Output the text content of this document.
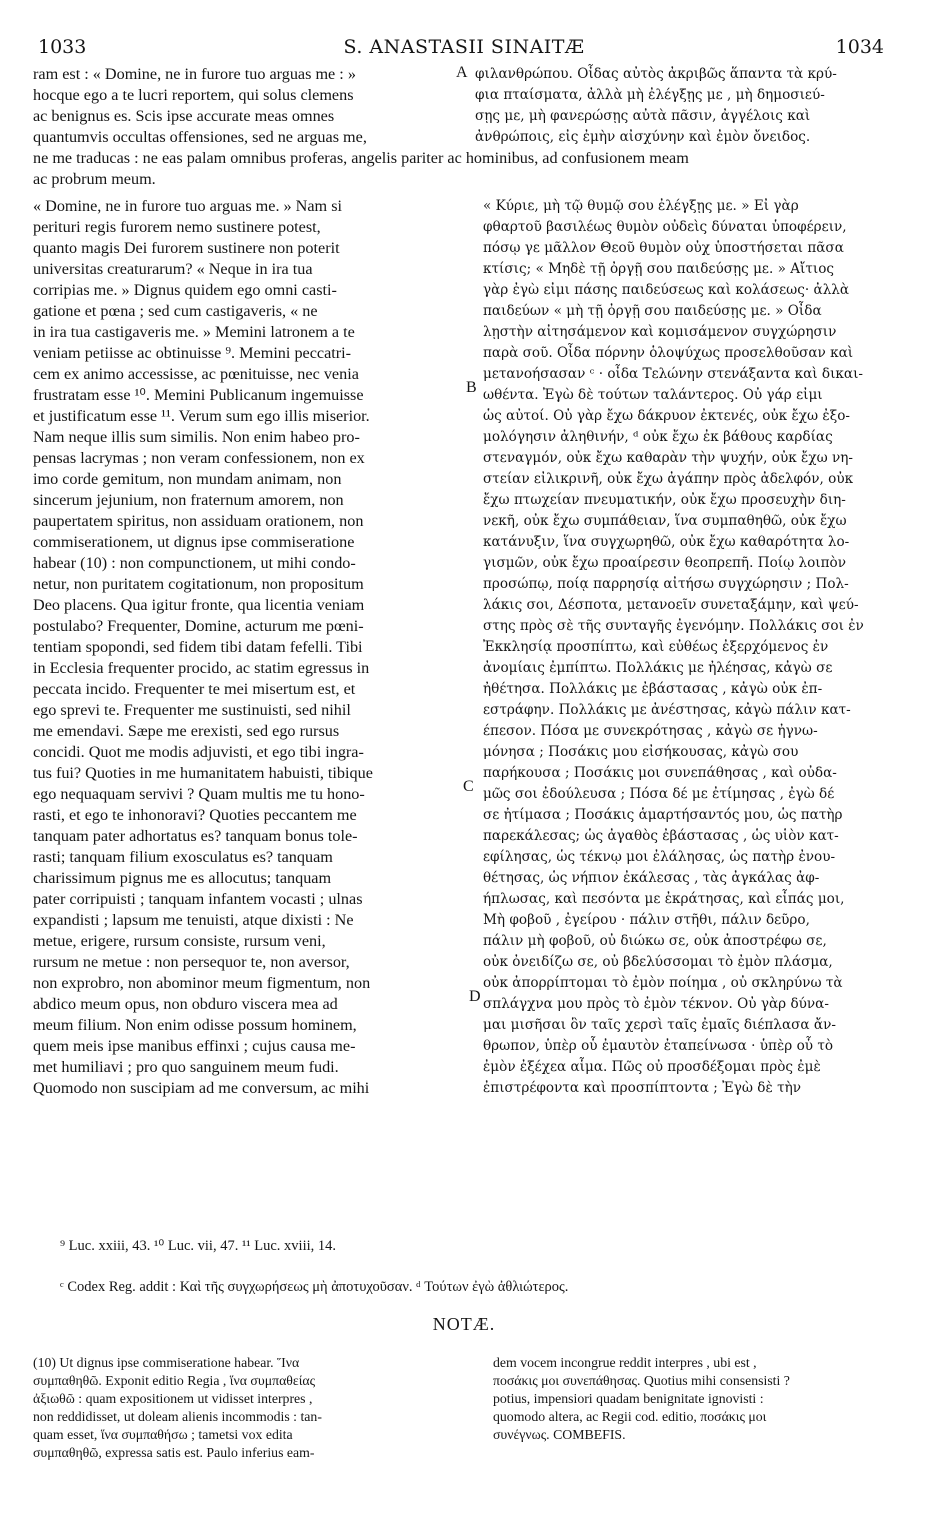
1033	S. ANASTASII SINAITÆ	1034
ram est : « Domine, ne in furore tuo arguas me : »
hocque ego a te lucri reportem, qui solus clemens
ac benignus es. Scis ipse accurate meas omnes
quantumvis occultas offensiones, sed ne arguas me,
φιλανθρώπου. Οἶδας αὐτὸς ἀκριβῶς ἅπαντα τὰ κρύ-
φια πταίσματα, ἀλλὰ μὴ ἐλέγξῃς με , μὴ δημοσιεύ-
σῃς με, μὴ φανερώσῃς αὐτὰ πᾶσιν, ἀγγέλοις καὶ
ἀνθρώποις, εἰς ἐμὴν αἰσχύνην καὶ ἐμὸν ὄνειδος.
ne me traducas : ne eas palam omnibus proferas, angelis pariter ac hominibus, ad confusionem meam
ac probrum meum.
« Domine, ne in furore tuo arguas me. » Nam si
perituri regis furorem nemo sustinere potest,
quanto magis Dei furorem sustinere non poterit
universitas creaturarum? « Neque in ira tua
corripias me. » Dignus quidem ego omni casti-
gatione et pœna ; sed cum castigaveris, « ne
in ira tua castigaveris me. » Memini latronem a te
veniam petiisse ac obtinuisse ⁹. Memini peccatri-
cem ex animo accessisse, ac pœnituisse, nec venia
frustratam esse ¹⁰. Memini Publicanum ingemuisse
et justificatum esse ¹¹. Verum sum ego illis miserior.
Nam neque illis sum similis. Non enim habeo pro-
pensas lacrymas ; non veram confessionem, non ex
imo corde gemitum, non mundam animam, non
sincerum jejunium, non fraternum amorem, non
paupertatem spiritus, non assiduam orationem, non
commiserationem, ut dignus ipse commiseratione
habear (10) : non compunctionem, ut mihi condo-
netur, non puritatem cogitationum, non propositum
Deo placens. Qua igitur fronte, qua licentia veniam
postulabo? Frequenter, Domine, acturum me pœni-
tentiam spopondi, sed fidem tibi datam fefelli. Tibi
in Ecclesia frequenter procido, ac statim egressus in
peccata incido. Frequenter te mei misertum est, et
ego sprevi te. Frequenter me sustinuisti, sed nihil
me emendavi. Sæpe me erexisti, sed ego rursus
concidi. Quot me modis adjuvisti, et ego tibi ingra-
tus fui? Quoties in me humanitatem habuisti, tibique
ego nequaquam servivi ? Quam multis me tu hono-
rasti, et ego te inhonoravi? Quoties peccantem me
tanquam pater adhortatus es? tanquam bonus tole-
rasti; tanquam filium exosculatus es? tanquam
charissimum pignus me es allocutus; tanquam
pater corripuisti ; tanquam infantem vocasti ; ulnas
expandisti ; lapsum me tenuisti, atque dixisti : Ne
metue, erigere, rursum consiste, rursum veni,
rursum ne metue : non persequor te, non aversor,
non exprobro, non abominor meum figmentum, non
abdico meum opus, non obduro viscera mea ad
meum filium. Non enim odisse possum hominem,
quem meis ipse manibus effinxi ; cujus causa me-
met humiliavi ; pro quo sanguinem meum fudi.
Quomodo non suscipiam ad me conversum, ac mihi
« Κύριε, μὴ τῷ θυμῷ σου ἐλέγξῃς με. » Εἰ γὰρ
φθαρτοῦ βασιλέως θυμὸν οὐδεὶς δύναται ὑποφέρειν,
πόσῳ γε μᾶλλον Θεοῦ θυμὸν οὐχ ὑποστήσεται πᾶσα
κτίσις; « Μηδὲ τῇ ὀργῇ σου παιδεύσῃς με. » Αἴτιος
γὰρ ἐγὼ εἰμι πάσης παιδεύσεως καὶ κολάσεως· ἀλλὰ
παιδεύων « μὴ τῇ ὀργῇ σου παιδεύσῃς με. » Οἶδα
λῃστὴν αἰτησάμενον καὶ κομισάμενον συγχώρησιν
παρὰ σοῦ. Οἶδα πόρνην ὁλοψύχως προσελθοῦσαν καὶ
μετανοήσασαν ᶜ · οἶδα Τελώνην στενάξαντα καὶ δικαι-
ωθέντα. Ἐγὼ δὲ τούτων ταλάντερος. Οὐ γάρ εἰμι
ὡς αὐτοί. Οὐ γὰρ ἔχω δάκρυον ἐκτενές, οὐκ ἔχω ἐξο-
μολόγησιν ἀληθινήν, ᵈ οὐκ ἔχω ἐκ βάθους καρδίας
στεναγμόν, οὐκ ἔχω καθαρὰν τὴν ψυχήν, οὐκ ἔχω νη-
στείαν εἰλικρινῆ, οὐκ ἔχω ἀγάπην πρὸς ἀδελφόν, οὐκ
ἔχω πτωχείαν πνευματικήν, οὐκ ἔχω προσευχὴν διη-
νεκῆ, οὐκ ἔχω συμπάθειαν, ἵνα συμπαθηθῶ, οὐκ ἔχω
κατάνυξιν, ἵνα συγχωρηθῶ, οὐκ ἔχω καθαρότητα λο-
γισμῶν, οὐκ ἔχω προαίρεσιν θεοπρεπῆ. Ποίῳ λοιπὸν
προσώπῳ, ποίᾳ παρρησίᾳ αἰτήσω συγχώρησιν ; Πολ-
λάκις σοι, Δέσποτα, μετανοεῖν συνεταξάμην, καὶ ψεύ-
στης πρὸς σὲ τῆς συνταγῆς ἐγενόμην. Πολλάκις σοι ἐν
Ἐκκλησίᾳ προσπίπτω, καὶ εὐθέως ἐξερχόμενος ἐν
ἀνομίαις ἐμπίπτω. Πολλάκις με ἠλέησας, κἀγὼ σε
ἠθέτησα. Πολλάκις με ἐβάστασας , κἀγὼ οὐκ ἐπ-
εστράφην. Πολλάκις με ἀνέστησας, κἀγὼ πάλιν κατ-
έπεσον. Πόσα με συνεκρότησας , κἀγὼ σε ἠγνω-
μόνησα ; Ποσάκις μου εἰσήκουσας, κἀγὼ σου
παρήκουσα ; Ποσάκις μοι συνεπάθησας , καὶ οὐδα-
μῶς σοι ἐδούλευσα ; Πόσα δέ με ἐτίμησας , ἐγὼ δέ
σε ἠτίμασα ; Ποσάκις ἁμαρτήσαντός μου, ὡς πατὴρ
παρεκάλεσας; ὡς ἀγαθὸς ἐβάστασας , ὡς υἱὸν κατ-
εφίλησας, ὡς τέκνῳ μοι ἐλάλησας, ὡς πατὴρ ἐνου-
θέτησας, ὡς νήπιον ἐκάλεσας , τὰς ἀγκάλας ἀφ-
ήπλωσας, καὶ πεσόντα με ἐκράτησας, καὶ εἶπάς μοι,
Μὴ φοβοῦ , ἐγείρου · πάλιν στῆθι, πάλιν δεῦρο,
πάλιν μὴ φοβοῦ, οὐ διώκω σε, οὐκ ἀποστρέφω σε,
οὐκ ὀνειδίζω σε, οὐ βδελύσσομαι τὸ ἐμὸν πλάσμα,
οὐκ ἀπορρίπτομαι τὸ ἐμὸν ποίημα , οὐ σκληρύνω τὰ
σπλάγχνα μου πρὸς τὸ ἐμὸν τέκνον. Οὐ γὰρ δύνα-
μαι μισῆσαι ὃν ταῖς χερσὶ ταῖς ἐμαῖς διέπλασα ἄν-
θρωπον, ὑπὲρ οὗ ἐμαυτὸν ἐταπείνωσα · ὑπὲρ οὗ τὸ
ἐμὸν ἐξέχεα αἷμα. Πῶς οὐ προσδέξομαι πρὸς ἐμὲ
ἐπιστρέφοντα καὶ προσπίπτοντα ; Ἐγὼ δὲ τὴν
A
B
C
D
⁹ Luc. xxiii, 43. ¹⁰ Luc. vii, 47. ¹¹ Luc. xviii, 14.
ᶜ Codex Reg. addit : Καὶ τῆς συγχωρήσεως μὴ ἀποτυχοῦσαν. ᵈ Τούτων ἐγὼ ἀθλιώτερος.
NOTÆ.
(10) Ut dignus ipse commiseratione habear. Ἵνα
συμπαθηθῶ. Exponit editio Regia , ἵνα συμπαθείας
ἀξιωθῶ : quam expositionem ut vidisset interpres ,
non reddidisset, ut doleam alienis incommodis : tan-
quam esset, ἵνα συμπαθήσω ; tametsi vox edita
συμπαθηθῶ, expressa satis est. Paulo inferius eam-
dem vocem incongrue reddit interpres , ubi est ,
ποσάκις μοι συνεπάθησας. Quotius mihi consensisti ?
potius, impensiori quadam benignitate ignovisti :
quomodo altera, ac Regii cod. editio, ποσάκις μοι
συνέγνως. COMBEFIS.
